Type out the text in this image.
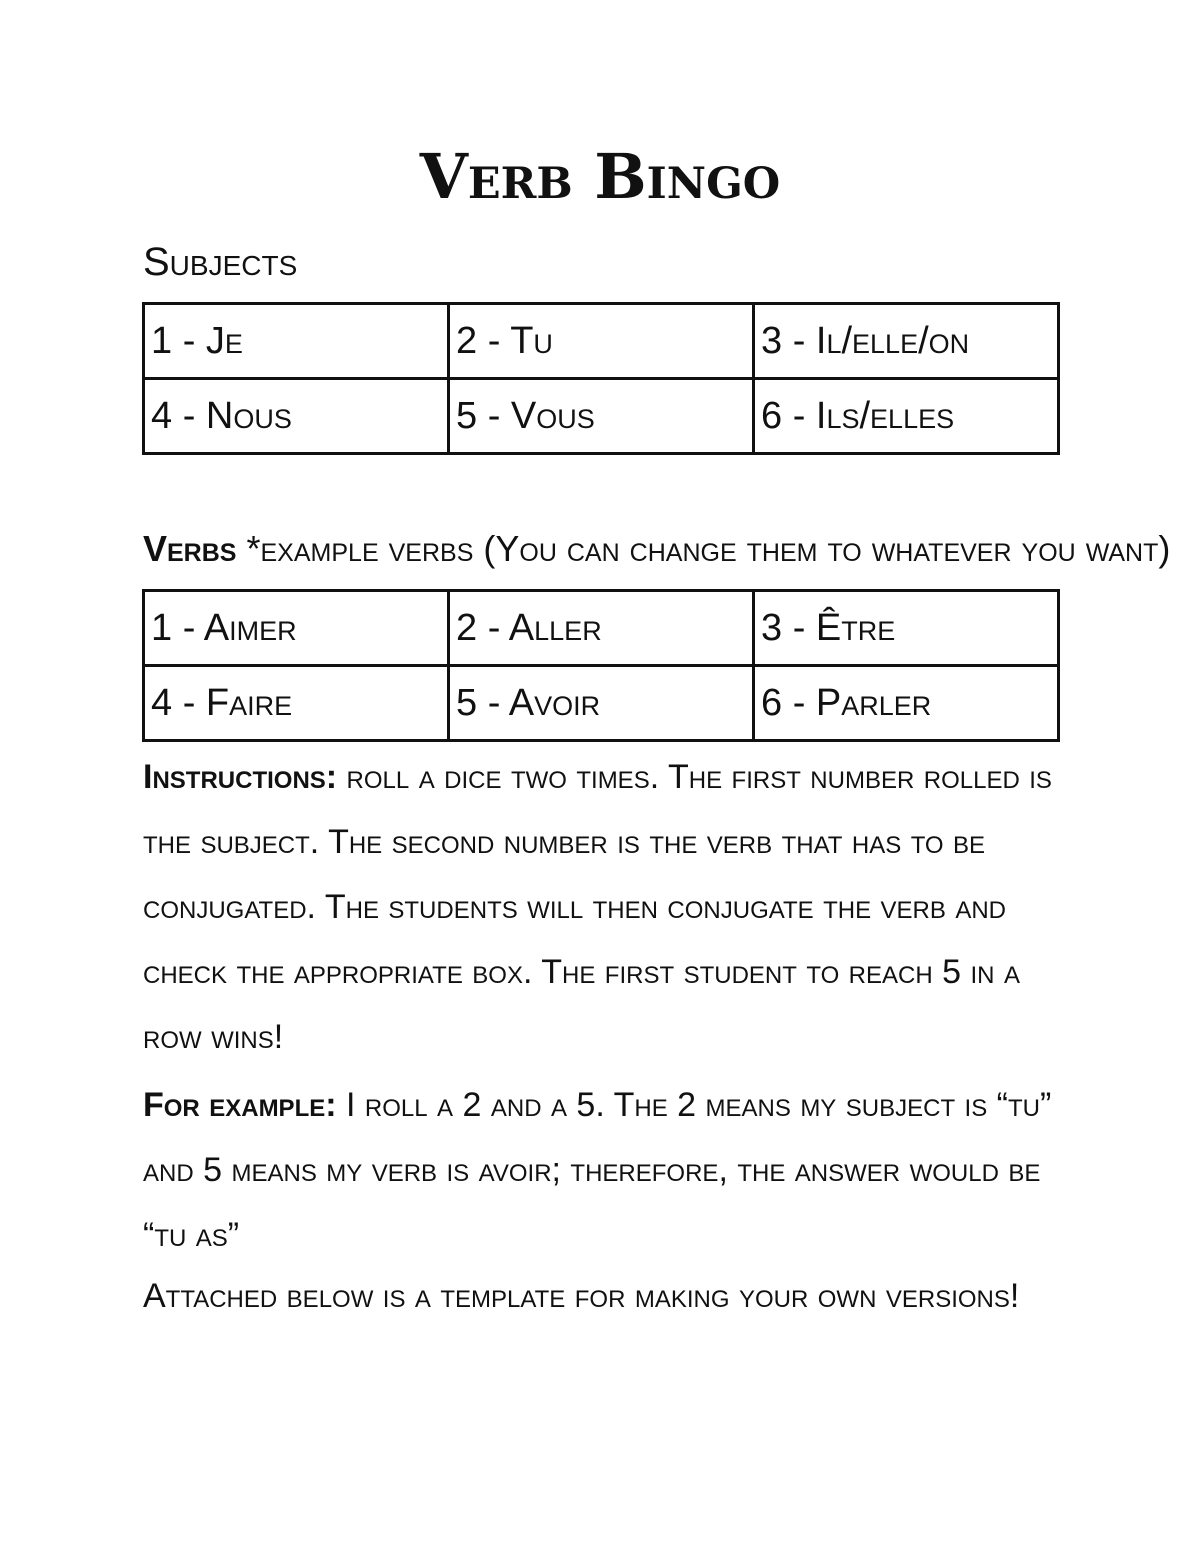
Verb Bingo

Subjects

1 - Je	2 - Tu	3 - Il/elle/on
4 - Nous	5 - Vous	6 - Ils/elles

Verbs *example verbs (You can change them to whatever you want)

1 - Aimer	2 - Aller	3 - Être
4 - Faire	5 - Avoir	6 - Parler

Instructions: roll a dice two times. The first number rolled is the subject. The second number is the verb that has to be conjugated. The students will then conjugate the verb and check the appropriate box. The first student to reach 5 in a row wins!

For example: I roll a 2 and a 5. The 2 means my subject is “tu” and 5 means my verb is avoir; therefore, the answer would be “tu as”

Attached below is a template for making your own versions!
